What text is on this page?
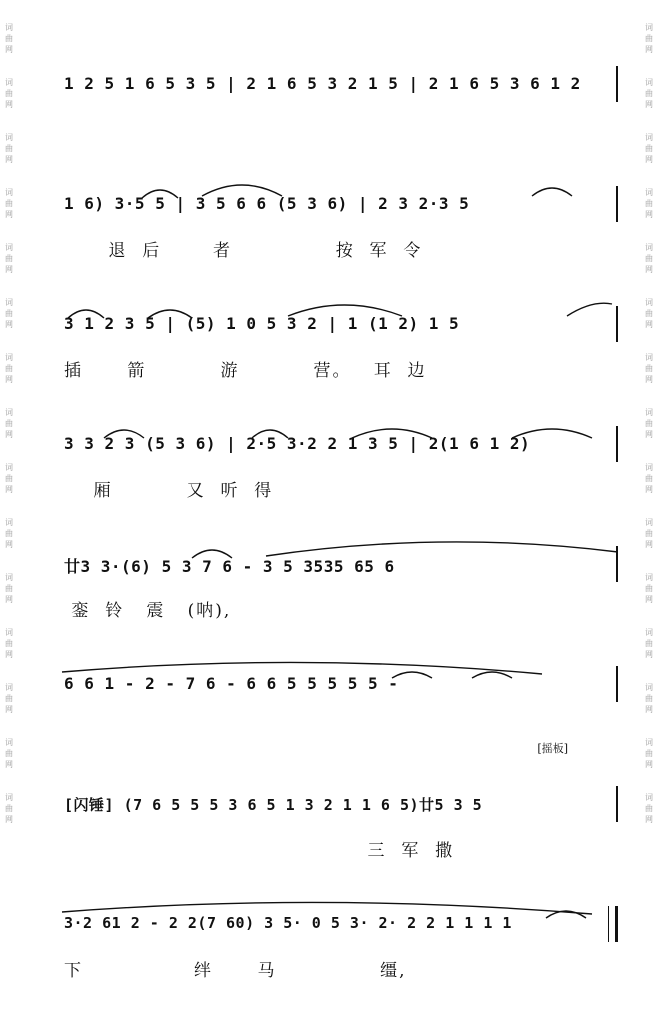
词
曲
网
词
曲
网
词
曲
网
词
曲
网
词
曲
网
词
曲
网
词
曲
网
词
曲
网
词
曲
网
词
曲
网
词
曲
网
词
曲
网
词
曲
网
词
曲
网
词
曲
网
词
曲
网
词
曲
网
词
曲
网
词
曲
网
词
曲
网
词
曲
网
词
曲
网
词
曲
网
词
曲
网
词
曲
网
词
曲
网
词
曲
网
词
曲
网
词
曲
网
词
曲
网
1 2 5 1 6 5 3 5 | 2 1 6 5 3 2 1 5 | 2 1 6 5 3 6 1 2
1 6) 3·5 5 | 3 5 6 6 (5 3 6) | 2 3 2·3 5
退  后       者              按  军  令
3 1 2 3 5 | (5) 1 0 5 3 2 | 1 (1 2) 1 5
插      箭          游          营。   耳  边
3 3 2 3 (5 3 6) | 2·5 3·2 2 1 3 5 | 2(1 6 1 2)
厢          又  听  得
廿3 3·(6) 5 3 7 6 - 3 5 3535 65 6
銮  铃   震   (呐),
6 6 1 - 2 - 7 6 - 6 6 5 5 5 5 5 -
[摇板]
[闪锤] (7 6 5 5 5 3 6 5 1 3 2 1 1 6 5)廿5 3 5
三  军  撒
3·2 61 2 - 2 2(7 60) 3 5· 0 5 3· 2· 2 2 1 1 1 1
下               绊      马              缰,
